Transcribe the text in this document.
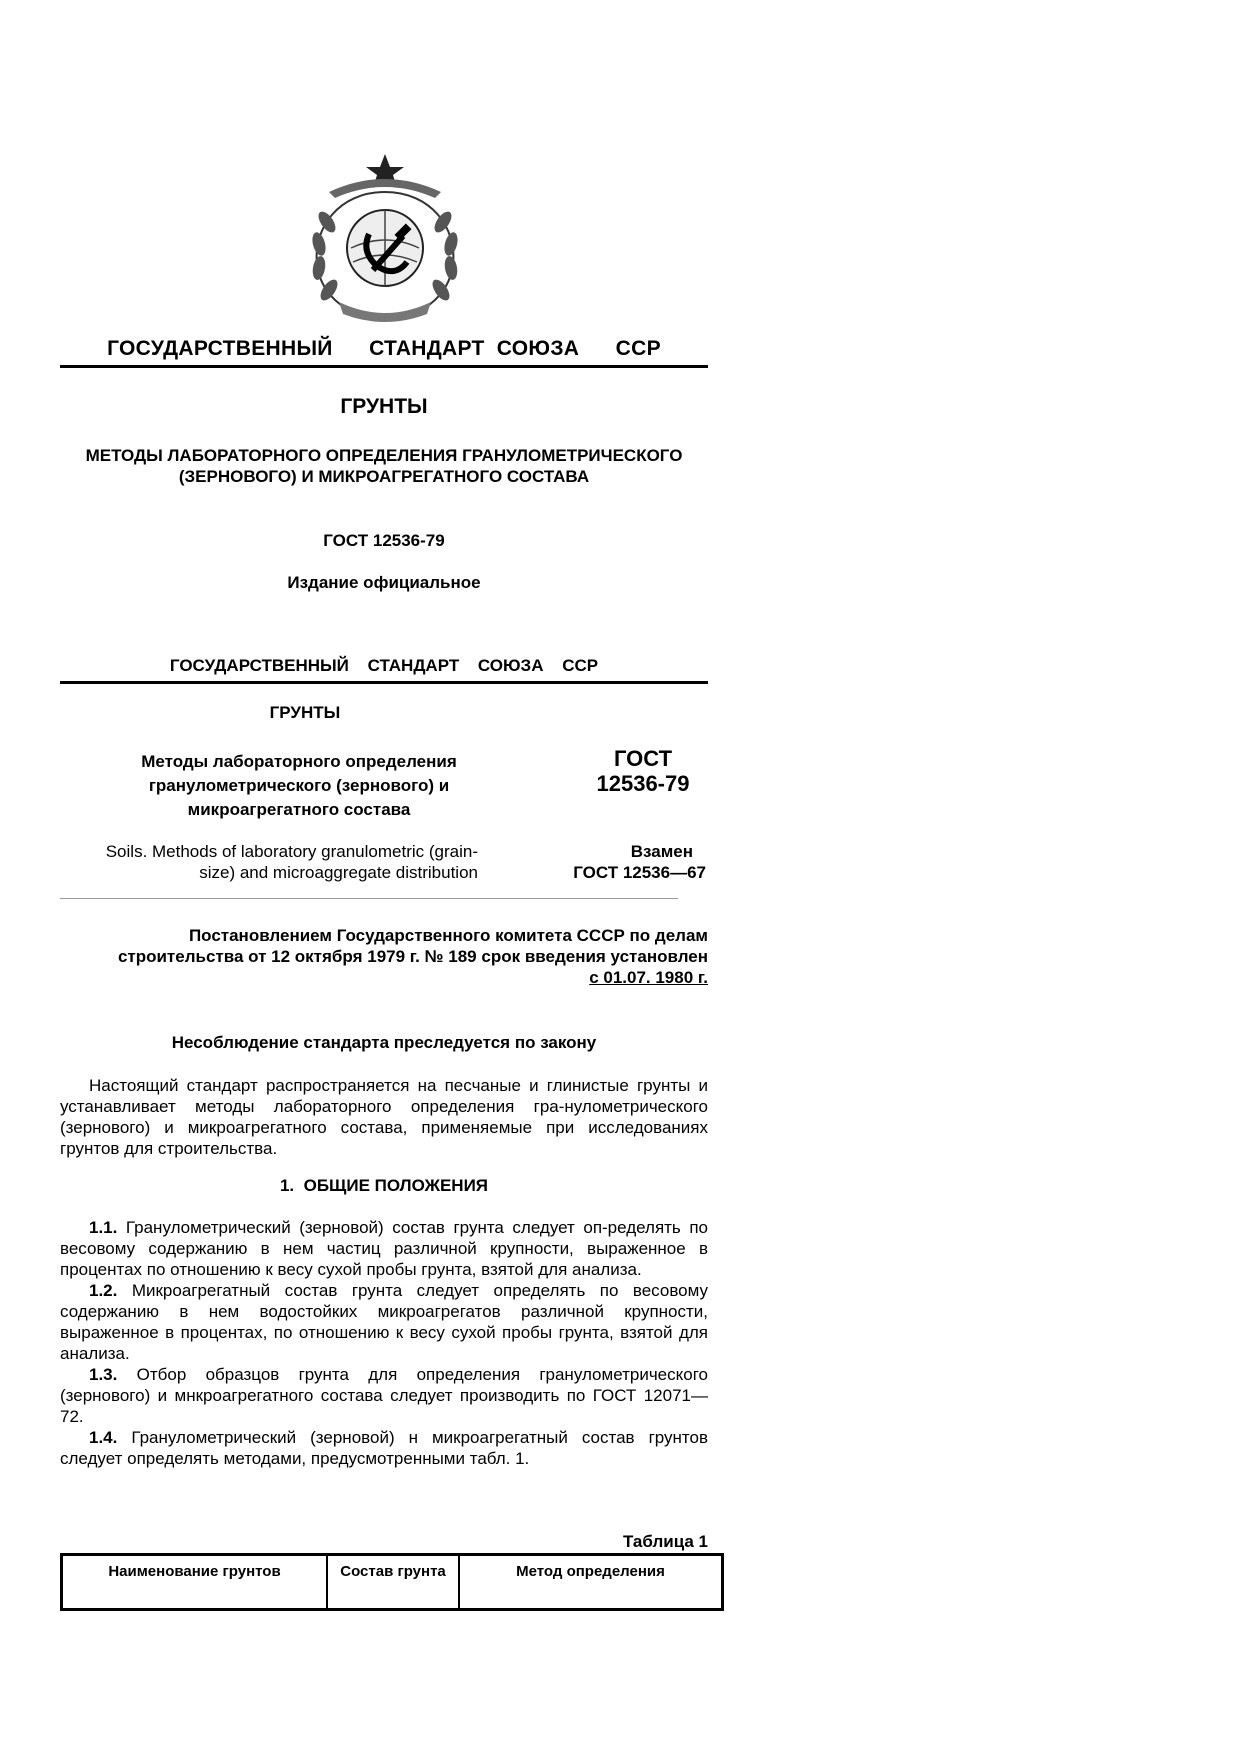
ГОСУДАРСТВЕННЫЙ   СТАНДАРТ СОЮЗА   ССР
ГРУНТЫ
МЕТОДЫ ЛАБОРАТОРНОГО ОПРЕДЕЛЕНИЯ ГРАНУЛОМЕТРИЧЕСКОГО (ЗЕРНОВОГО) И МИКРОАГРЕГАТНОГО СОСТАВА
ГОСТ 12536-79
Издание официальное
ГОСУДАРСТВЕННЫЙ СТАНДАРТ СОЮЗА ССР
ГРУНТЫ
Методы лабораторного определения гранулометрического (зернового) и микроагрегатного состава
ГОСТ
12536-79
Soils. Methods of laboratory granulometric (grain-size) and microaggregate distribution
Взамен
ГОСТ 12536—67
Постановлением Государственного комитета СССР по делам строительства от 12 октября 1979 г. № 189 срок введения установлен с 01.07. 1980 г.
Несоблюдение стандарта преследуется по закону
Настоящий стандарт распространяется на песчаные и глинистые грунты и устанавливает методы лабораторного определения гра-нулометрического (зернового) и микроагрегатного состава, применяемые при исследованиях грунтов для строительства.
1.  ОБЩИЕ ПОЛОЖЕНИЯ
1.1. Гранулометрический (зерновой) состав грунта следует оп-ределять по весовому содержанию в нем частиц различной крупности, выраженное в процентах по отношению к весу сухой пробы грунта, взятой для анализа.
1.2. Микроагрегатный состав грунта следует определять по весовому содержанию в нем водостойких микроагрегатов различной крупности, выраженное в процентах, по отношению к весу сухой пробы грунта, взятой для анализа.
1.3. Отбор образцов грунта для определения гранулометрического (зернового) и мнкроагрегатного состава следует производить по ГОСТ 12071—72.
1.4. Гранулометрический (зерновой) н микроагрегатный состав грунтов следует определять методами, предусмотренными табл. 1.
Таблица 1
Наименование грунтов	Состав грунта	Метод определения
